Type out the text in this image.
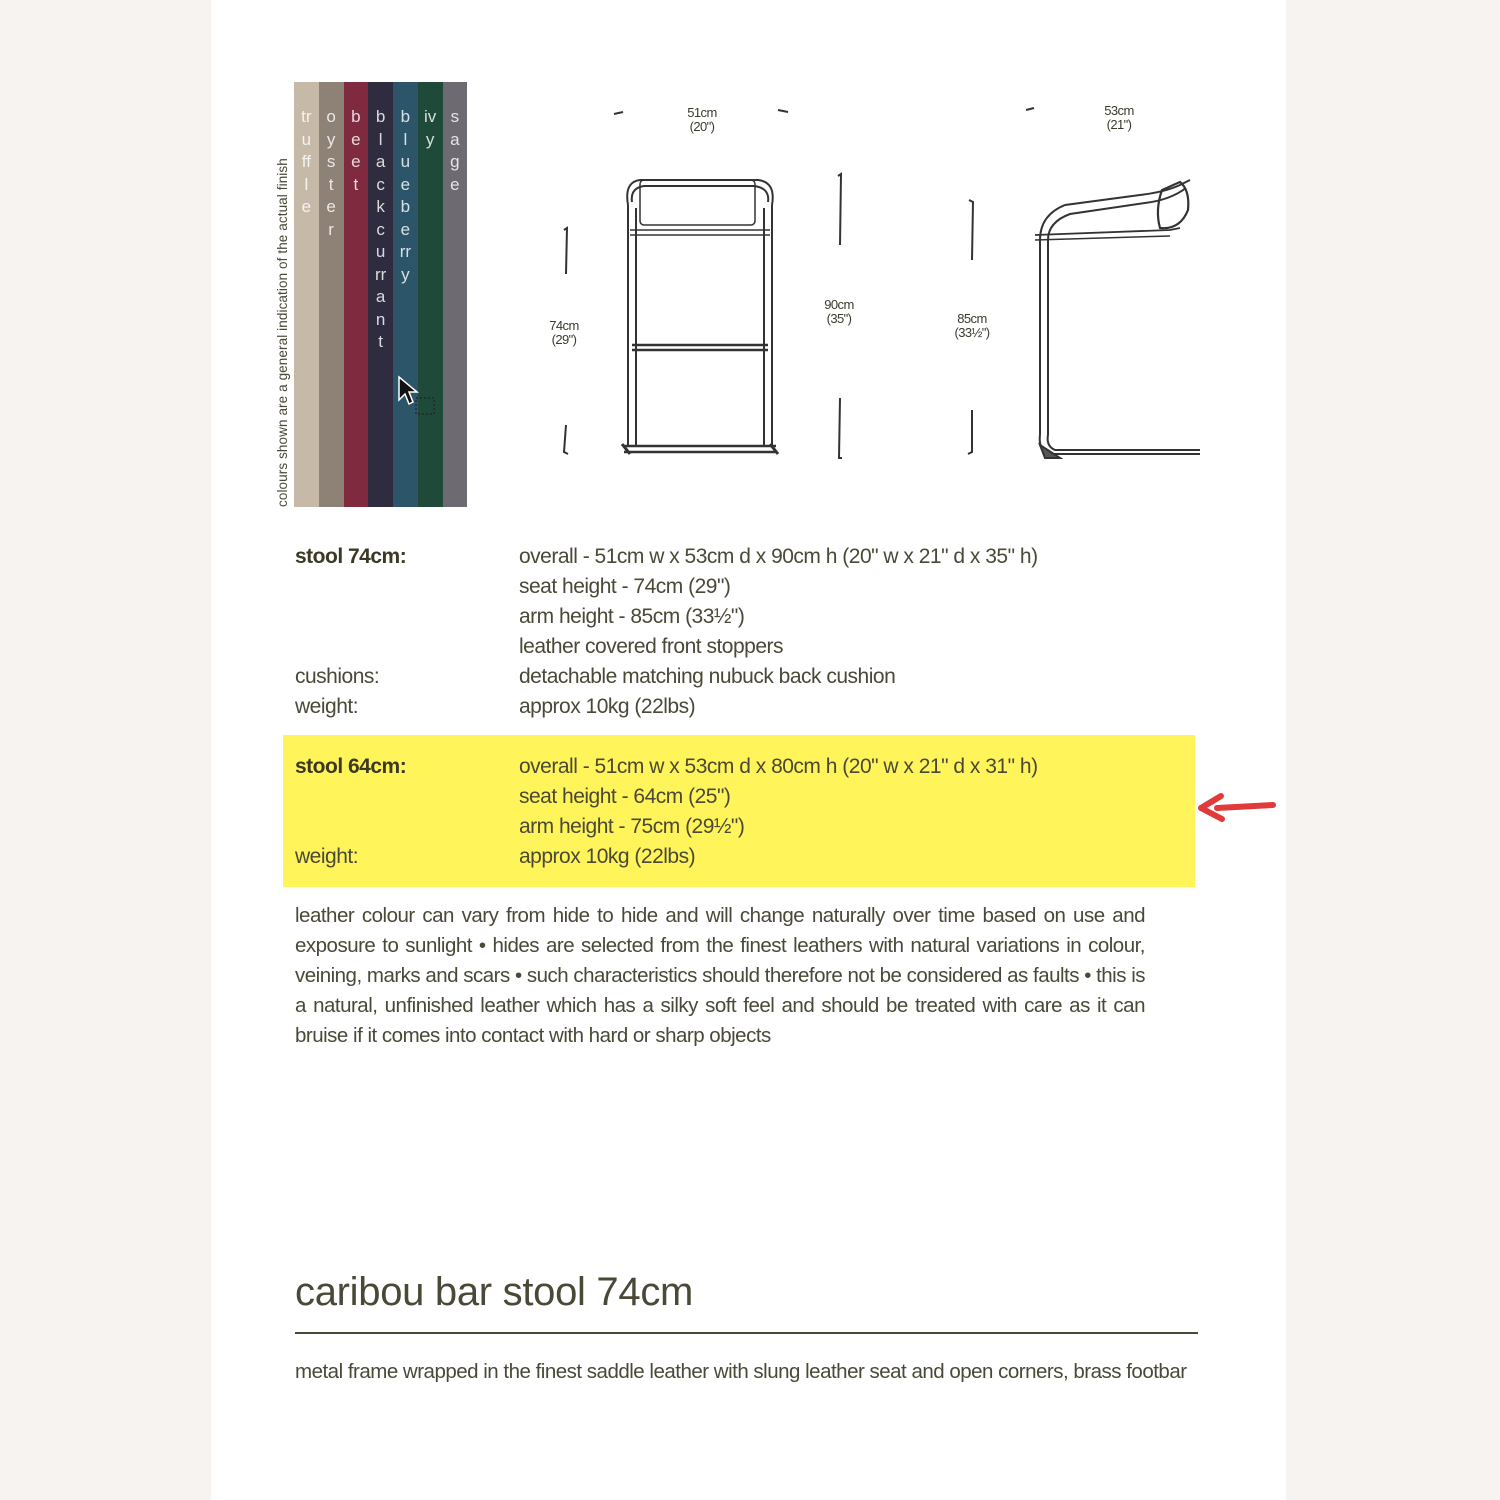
colours shown are a general indication of the actual finish
truffle
oyster
beet
blackcurrant
blueberry
ivy
sage
51cm
(20")
53cm
(21")
74cm
(29")
90cm
(35")	85cm
(33½")
stool 74cm:	overall - 51cm w x 53cm d x 90cm h (20" w x 21" d x 35" h)
seat height - 74cm (29")
arm height - 85cm (33½")
leather covered front stoppers
cushions:	detachable matching nubuck back cushion
weight:	approx 10kg (22lbs)
stool 64cm:	overall - 51cm w x 53cm d x 80cm h (20" w x 21" d x 31" h)
seat height - 64cm (25")
arm height - 75cm (29½")
weight:	approx 10kg (22lbs)
leather colour can vary from hide to hide and will change naturally over time based on use and exposure to sunlight • hides are selected from the finest leathers with natural variations in colour, veining, marks and scars • such characteristics should therefore not be considered as faults • this is a natural, unfinished leather which has a silky soft feel and should be treated with care as it can bruise if it comes into contact with hard or sharp objects
caribou bar stool 74cm
metal frame wrapped in the finest saddle leather with slung leather seat and open corners, brass footbar
